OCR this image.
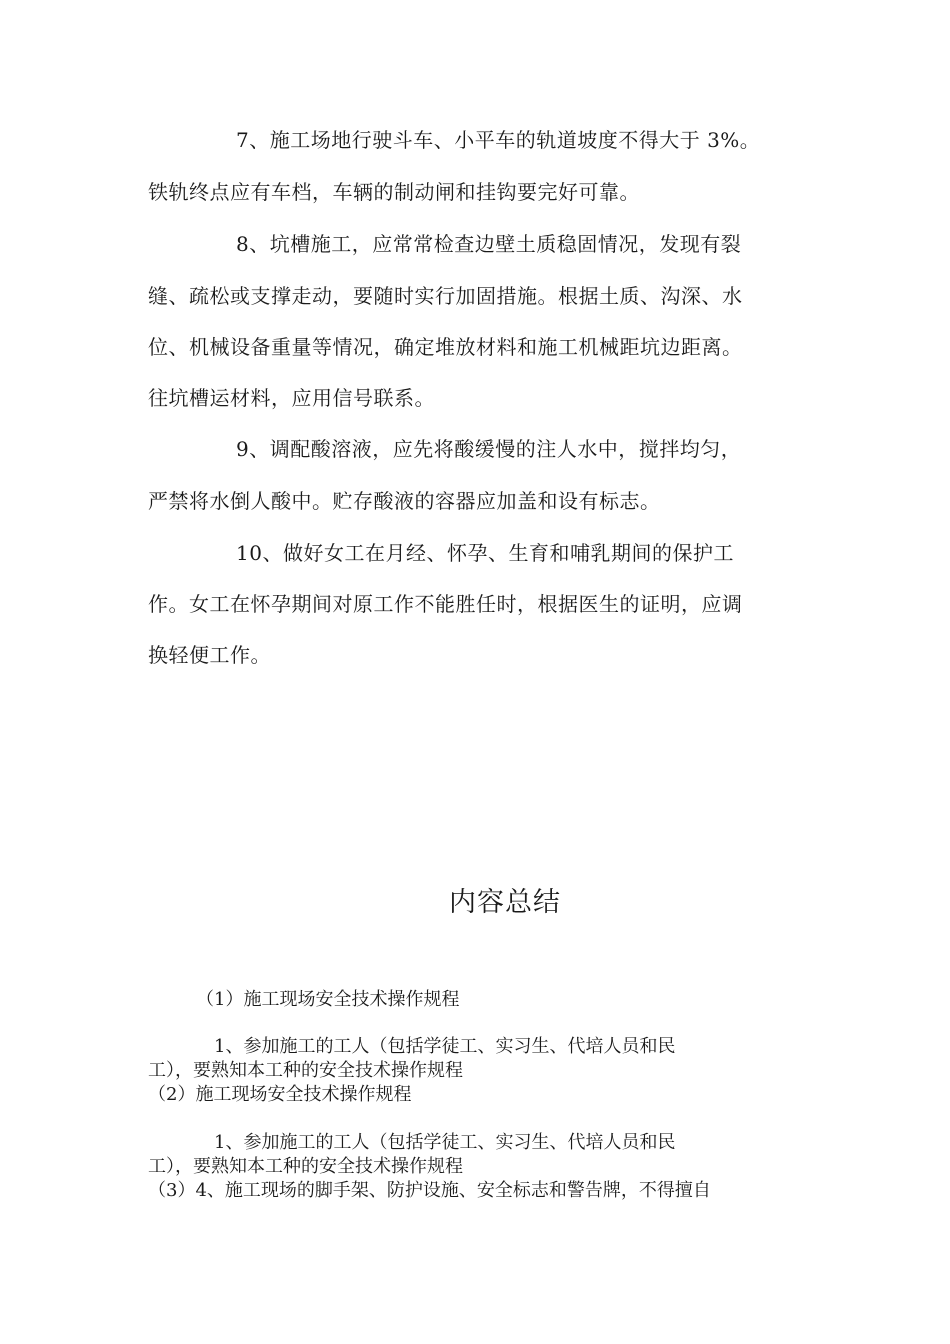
7、施工场地行驶斗车、小平车的轨道坡度不得大于 3%。
铁轨终点应有车档，车辆的制动闸和挂钩要完好可靠。
8、坑槽施工，应常常检查边壁土质稳固情况，发现有裂
缝、疏松或支撑走动，要随时实行加固措施。根据土质、沟深、水
位、机械设备重量等情况，确定堆放材料和施工机械距坑边距离。
往坑槽运材料，应用信号联系。
9、调配酸溶液，应先将酸缓慢的注人水中，搅拌均匀，
严禁将水倒人酸中。贮存酸液的容器应加盖和设有标志。
10、做好女工在月经、怀孕、生育和哺乳期间的保护工
作。女工在怀孕期间对原工作不能胜任时，根据医生的证明，应调
换轻便工作。
内容总结
（1）施工现场安全技术操作规程
1、参加施工的工人（包括学徒工、实习生、代培人员和民
工），要熟知本工种的安全技术操作规程
（2）施工现场安全技术操作规程
1、参加施工的工人（包括学徒工、实习生、代培人员和民
工），要熟知本工种的安全技术操作规程
（3）4、施工现场的脚手架、防护设施、安全标志和警告牌，不得擅自
